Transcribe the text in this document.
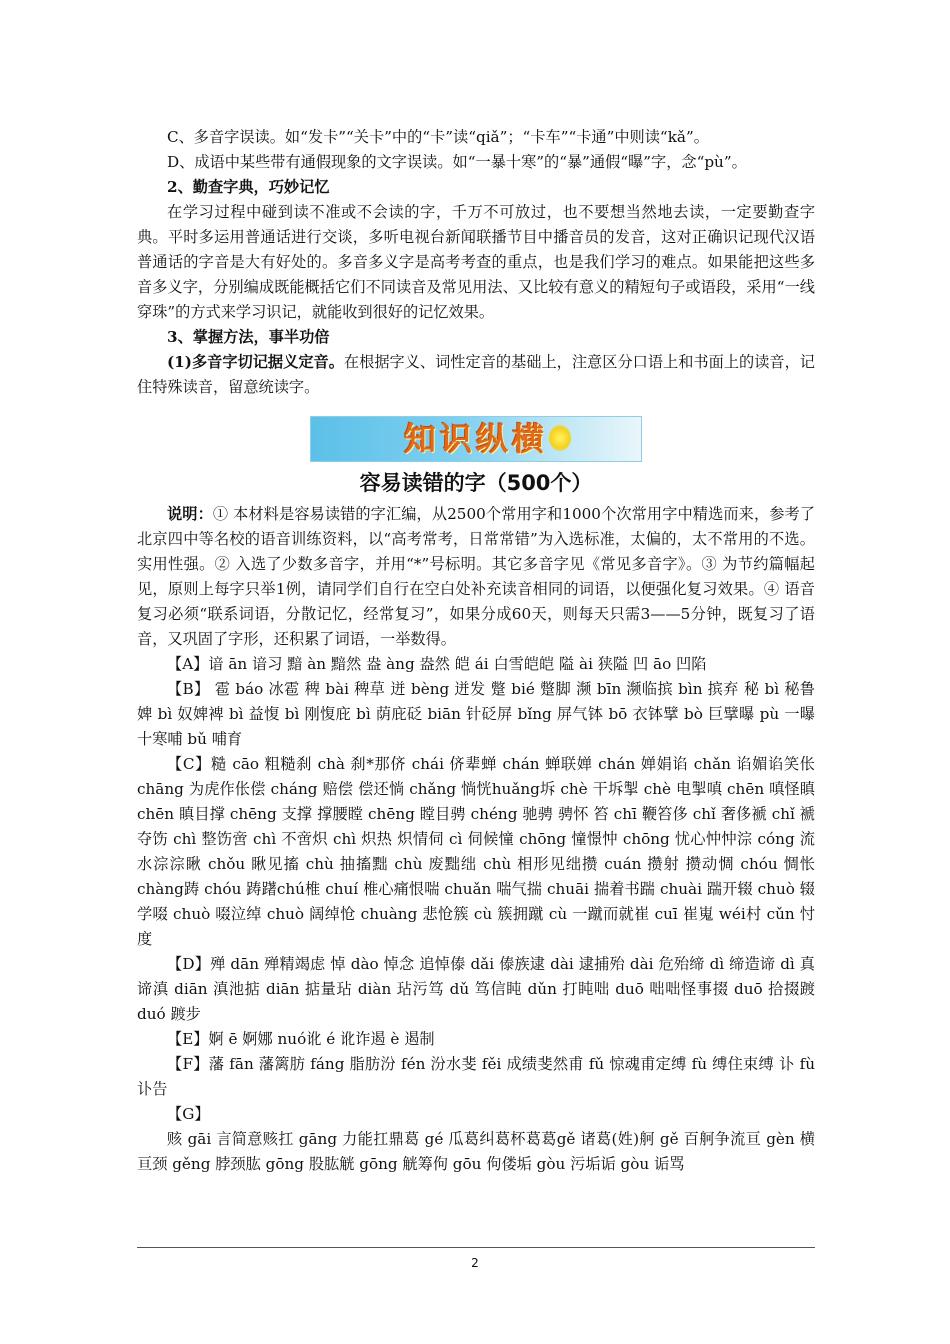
C、多音字误读。如“发卡”“关卡”中的“卡”读“qiǎ”；“卡车”“卡通”中则读“kǎ”。

D、成语中某些带有通假现象的文字误读。如“一暴十寒”的“暴”通假“曝”字，念“pù”。

2、勤查字典，巧妙记忆

在学习过程中碰到读不准或不会读的字，千万不可放过，也不要想当然地去读，一定要勤查字典。平时多运用普通话进行交谈，多听电视台新闻联播节目中播音员的发音，这对正确识记现代汉语普通话的字音是大有好处的。多音多义字是高考考查的重点，也是我们学习的难点。如果能把这些多音多义字，分别编成既能概括它们不同读音及常见用法、又比较有意义的精短句子或语段，采用“一线穿珠”的方式来学习识记，就能收到很好的记忆效果。

3、掌握方法，事半功倍

(1)多音字切记据义定音。在根据字义、词性定音的基础上，注意区分口语上和书面上的读音，记住特殊读音，留意统读字。

知识纵横
容易读错的字（500个）

说明：① 本材料是容易读错的字汇编，从2500个常用字和1000个次常用字中精选而来，参考了北京四中等名校的语音训练资料，以“高考常考，日常常错”为入选标准，太偏的，太不常用的不选。实用性强。② 入选了少数多音字，并用“*”号标明。其它多音字见《常见多音字》。③ 为节约篇幅起见，原则上每字只举1例，请同学们自行在空白处补充读音相同的词语，以便强化复习效果。④ 语音复习必须“联系词语，分散记忆，经常复习”，如果分成60天，则每天只需3——5分钟，既复习了语音，又巩固了字形，还积累了词语，一举数得。

【A】谙 ān 谙习 黯 àn 黯然 盎 àng 盎然 皑 ái 白雪皑皑 隘 ài 狭隘 凹 āo 凹陷

【B】 雹 báo 冰雹 稗 bài 稗草 迸 bèng 迸发 蹩 bié 蹩脚 濒 bīn 濒临摈 bìn 摈弃 秘 bì 秘鲁 婢 bì 奴婢裨 bì 益愎 bì 刚愎庇 bì 荫庇砭 biān 针砭屏 bǐng 屏气钵 bō 衣钵擘 bò 巨擘曝 pù 一曝十寒哺 bǔ 哺育

【C】糙 cāo 粗糙刹 chà 刹*那侪 chái 侪辈蝉 chán 蝉联婵 chán 婵娟谄 chǎn 谄媚谄笑伥 chāng 为虎作伥偿 cháng 赔偿 偿还惝 chǎng 惝恍huǎng坼 chè 干坼掣 chè 电掣嗔 chēn 嗔怪瞋 chēn 瞋目撑 chēng 支撑 撑腰瞠 chēng 瞠目骋 chéng 驰骋 骋怀 笞 chī 鞭笞侈 chǐ 奢侈褫 chǐ 褫夺饬 chì 整饬啻 chì 不啻炽 chì 炽热 炽情伺 cì 伺候憧 chōng 憧憬忡 chōng 忧心忡忡淙 cóng 流水淙淙瞅 chǒu 瞅见搐 chù 抽搐黜 chù 废黜绌 chù 相形见绌攒 cuán 攒射 攒动惆 chóu 惆怅chàng踌 chóu 踌躇chú椎 chuí 椎心痛恨喘 chuǎn 喘气揣 chuāi 揣着书踹 chuài 踹开辍 chuò 辍学啜 chuò 啜泣绰 chuò 阔绰怆 chuàng 悲怆簇 cù 簇拥蹴 cù 一蹴而就崔 cuī 崔嵬 wéi村 cǔn 忖度

【D】殚 dān 殚精竭虑 悼 dào 悼念 追悼傣 dǎi 傣族逮 dài 逮捕殆 dài 危殆缔 dì 缔造谛 dì 真谛滇 diān 滇池掂 diān 掂量玷 diàn 玷污笃 dǔ 笃信盹 dǔn 打盹咄 duō 咄咄怪事掇 duō 拾掇踱 duó 踱步

【E】婀 ē 婀娜 nuó讹 é 讹诈遏 è 遏制

【F】藩 fān 藩篱肪 fáng 脂肪汾 fén 汾水斐 fěi 成绩斐然甫 fǔ 惊魂甫定缚 fù 缚住束缚 讣 fù 讣告

【G】

赅 gāi 言简意赅扛 gāng 力能扛鼎葛 gé 瓜葛纠葛杯葛葛gě 诸葛(姓)舸 gě 百舸争流亘 gèn 横亘颈 gěng 脖颈肱 gōng 股肱觥 gōng 觥筹佝 gōu 佝偻垢 gòu 污垢诟 gòu 诟骂

2
